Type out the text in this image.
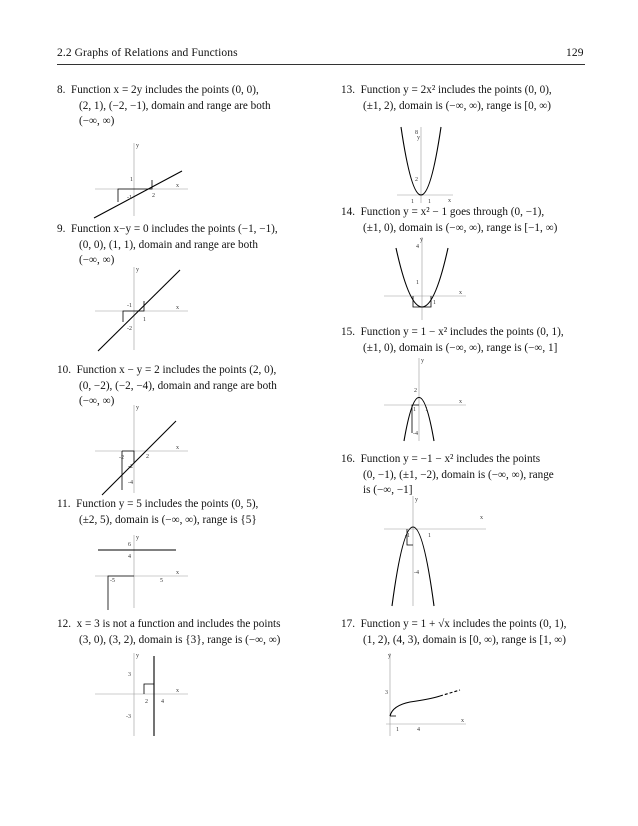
2.2 Graphs of Relations and Functions	129
8. Function x = 2y includes the points (0, 0),
(2, 1), (−2, −1), domain and range are both
(−∞, ∞)
x
y
1
-1	2
9. Function x−y = 0 includes the points (−1, −1),
(0, 0), (1, 1), domain and range are both
(−∞, ∞)
x
y
-1
1
-2
10. Function x − y = 2 includes the points (2, 0),
(0, −2), (−2, −4), domain and range are both
(−∞, ∞)
x
y
-2	2
-2
-4
11. Function y = 5 includes the points (0, 5),
(±2, 5), domain is (−∞, ∞), range is {5}
x
y
6
4
-5	5
12. x = 3 is not a function and includes the points
(3, 0), (3, 2), domain is {3}, range is (−∞, ∞)
x
y
3
2 4
-3
13. Function y = 2x² includes the points (0, 0),
(±1, 2), domain is (−∞, ∞), range is [0, ∞)
x
y
8
2
1 1
14. Function y = x² − 1 goes through (0, −1),
(±1, 0), domain is (−∞, ∞), range is [−1, ∞)
x
y
4
1
1
15. Function y = 1 − x² includes the points (0, 1),
(±1, 0), domain is (−∞, ∞), range is (−∞, 1]
x
y
2
1 1
-4
16. Function y = −1 − x² includes the points
(0, −1), (±1, −2), domain is (−∞, ∞), range
is (−∞, −1]
x
y
-1	1
-4
17. Function y = 1 + √x includes the points (0, 1),
(1, 2), (4, 3), domain is [0, ∞), range is [1, ∞)
x
y
3
1	4
